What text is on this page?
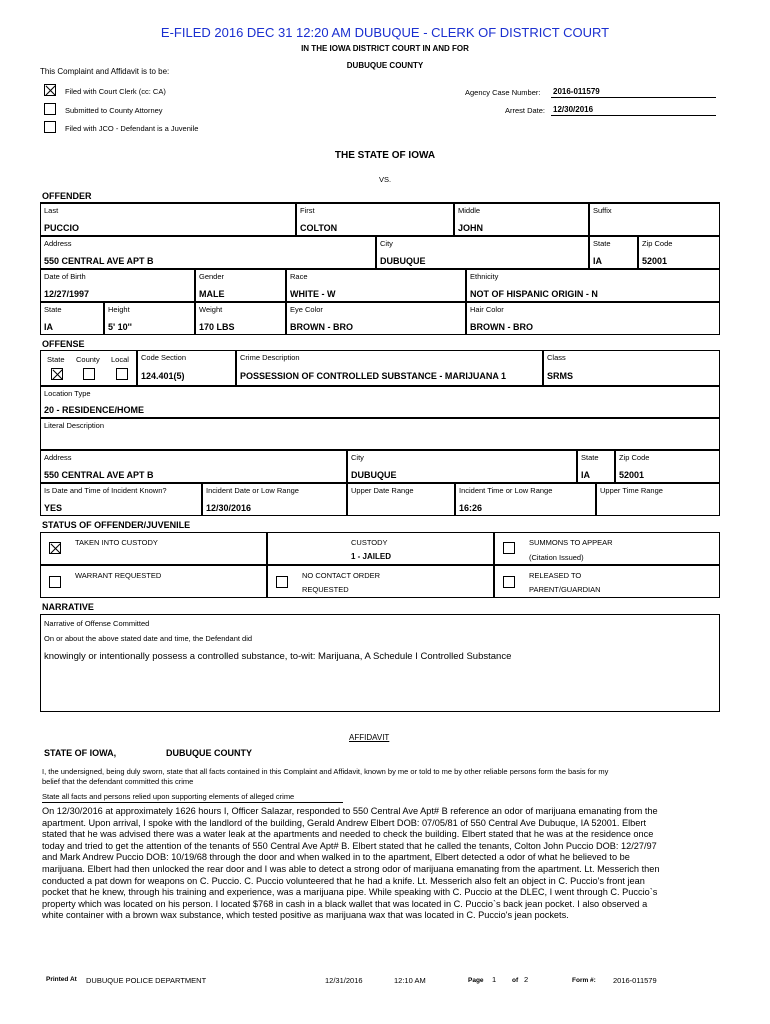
E-FILED 2016 DEC 31 12:20 AM DUBUQUE - CLERK OF DISTRICT COURT
IN THE IOWA DISTRICT COURT IN AND FOR
DUBUQUE COUNTY
This Complaint and Affidavit is to be:
Filed with Court Clerk (cc: CA)
Submitted to County Attorney
Filed with JCO - Defendant is a Juvenile
Agency Case Number: 2016-011579
Arrest Date: 12/30/2016
THE STATE OF IOWA
VS.
OFFENDER
Last
PUCCIO
First
COLTON
Middle
JOHN
Suffix
Address
550 CENTRAL AVE APT B
City
DUBUQUE
State
IA
Zip Code
52001
Date of Birth
12/27/1997
Gender
MALE
Race
WHITE - W
Ethnicity
NOT OF HISPANIC ORIGIN - N
State
IA
Height
5' 10''
Weight
170 LBS
Eye Color
BROWN - BRO
Hair Color
BROWN - BRO
OFFENSE
State County Local Code Section
124.401(5)
Crime Description
POSSESSION OF CONTROLLED SUBSTANCE - MARIJUANA 1
Class
SRMS
Location Type
20 - RESIDENCE/HOME
Literal Description
Address
550 CENTRAL AVE APT B
City
DUBUQUE
State
IA
Zip Code
52001
Is Date and Time of Incident Known?
YES
Incident Date or Low Range
12/30/2016
Upper Date Range	Incident Time or Low Range
16:26
Upper Time Range
STATUS OF OFFENDER/JUVENILE
TAKEN INTO CUSTODY	CUSTODY
1 - JAILED
SUMMONS TO APPEAR
(Citation Issued)
WARRANT REQUESTED	NO CONTACT ORDER
REQUESTED
RELEASED TO
PARENT/GUARDIAN
NARRATIVE
Narrative of Offense Committed
On or about the above stated date and time, the Defendant did
knowingly or intentionally possess a controlled substance, to-wit: Marijuana, A Schedule I Controlled Substance
AFFIDAVIT
STATE OF IOWA,	DUBUQUE COUNTY
I, the undersigned, being duly sworn, state that all facts contained in this Complaint and Affidavit, known by me or told to me by other reliable persons form the basis for my
belief that the defendant committed this crime
State all facts and persons relied upon supporting elements of alleged crime
On 12/30/2016 at approximately 1626 hours I, Officer Salazar, responded to 550 Central Ave Apt# B reference an odor of marijuana emanating from the
apartment. Upon arrival, I spoke with the landlord of the building, Gerald Andrew Elbert DOB: 07/05/81 of 550 Central Ave Dubuque, IA 52001. Elbert
stated that he was advised there was a water leak at the apartments and needed to check the building. Elbert stated that he was at the residence once
today and tried to get the attention of the tenants of 550 Central Ave Apt# B. Elbert stated that he called the tenants, Colton John Puccio DOB: 12/27/97
and Mark Andrew Puccio DOB: 10/19/68 through the door and when walked in to the apartment, Elbert detected a odor of what he believed to be
marijuana. Elbert had then unlocked the rear door and I was able to detect a strong odor of marijuana emanating from the apartment. Lt. Messerich then
conducted a pat down for weapons on C. Puccio. C. Puccio volunteered that he had a knife. Lt. Messerich also felt an object in C. Puccio's front jean
pocket that he knew, through his training and experience, was a marijuana pipe. While speaking with C. Puccio at the DLEC, I went through C. Puccio`s
property which was located on his person. I located $768 in cash in a black wallet that was located in C. Puccio`s back jean pocket. I also observed a
white container with a brown wax substance, which tested positive as marijuana wax that was located in C. Puccio's jean pockets.
Printed At DUBUQUE POLICE DEPARTMENT	12/31/2016	12:10 AM	Page 1 of 2	Form #: 2016-011579
